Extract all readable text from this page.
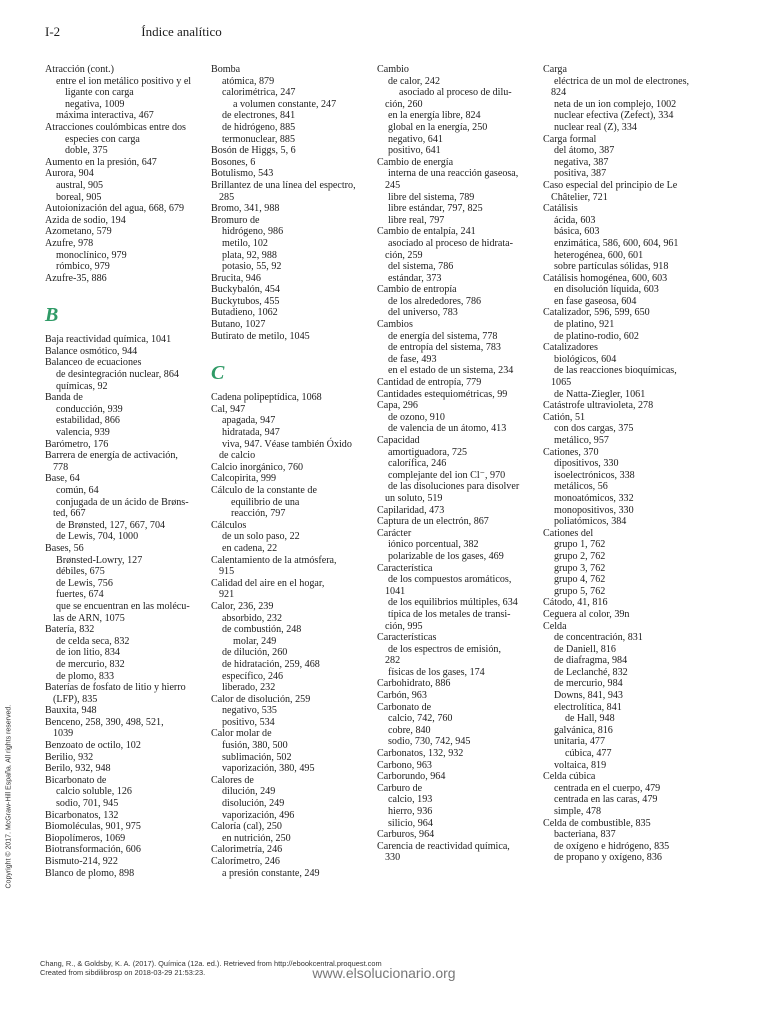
I-2	Índice analítico
Atracción (cont.)
entre el ion metálico positivo y el
ligante con carga
negativa, 1009
máxima interactiva, 467
Atracciones coulómbicas entre dos
especies con carga
doble, 375
Aumento en la presión, 647
Aurora, 904
austral, 905
boreal, 905
Autoionización del agua, 668, 679
Azida de sodio, 194
Azometano, 579
Azufre, 978
monoclínico, 979
rómbico, 979
Azufre-35, 886
B
Baja reactividad química, 1041
Balance osmótico, 944
Balanceo de ecuaciones
de desintegración nuclear, 864
químicas, 92
Banda de
conducción, 939
estabilidad, 866
valencia, 939
Barómetro, 176
Barrera de energía de activación,
778
Base, 64
común, 64
conjugada de un ácido de Brøns-
ted, 667
de Brønsted, 127, 667, 704
de Lewis, 704, 1000
Bases, 56
Brønsted-Lowry, 127
débiles, 675
de Lewis, 756
fuertes, 674
que se encuentran en las molécu-
las de ARN, 1075
Batería, 832
de celda seca, 832
de ion litio, 834
de mercurio, 832
de plomo, 833
Baterías de fosfato de litio y hierro
(LFP), 835
Bauxita, 948
Benceno, 258, 390, 498, 521,
1039
Benzoato de octilo, 102
Berilio, 932
Berilo, 932, 948
Bicarbonato de
calcio soluble, 126
sodio, 701, 945
Bicarbonatos, 132
Biomoléculas, 901, 975
Biopolímeros, 1069
Biotransformación, 606
Bismuto-214, 922
Blanco de plomo, 898
Bomba
atómica, 879
calorimétrica, 247
a volumen constante, 247
de electrones, 841
de hidrógeno, 885
termonuclear, 885
Bosón de Higgs, 5, 6
Bosones, 6
Botulismo, 543
Brillantez de una línea del espectro,
285
Bromo, 341, 988
Bromuro de
hidrógeno, 986
metilo, 102
plata, 92, 988
potasio, 55, 92
Brucita, 946
Buckybalón, 454
Buckytubos, 455
Butadieno, 1062
Butano, 1027
Butirato de metilo, 1045
C
Cadena polipeptídica, 1068
Cal, 947
apagada, 947
hidratada, 947
viva, 947. Véase también Óxido
de calcio
Calcio inorgánico, 760
Calcopirita, 999
Cálculo de la constante de
equilibrio de una
reacción, 797
Cálculos
de un solo paso, 22
en cadena, 22
Calentamiento de la atmósfera,
915
Calidad del aire en el hogar,
921
Calor, 236, 239
absorbido, 232
de combustión, 248
molar, 249
de dilución, 260
de hidratación, 259, 468
específico, 246
liberado, 232
Calor de disolución, 259
negativo, 535
positivo, 534
Calor molar de
fusión, 380, 500
sublimación, 502
vaporización, 380, 495
Calores de
dilución, 249
disolución, 249
vaporización, 496
Caloría (cal), 250
en nutrición, 250
Calorimetría, 246
Calorímetro, 246
a presión constante, 249
Cambio
de calor, 242
asociado al proceso de dilu-
ción, 260
en la energía libre, 824
global en la energía, 250
negativo, 641
positivo, 641
Cambio de energía
interna de una reacción gaseosa,
245
libre del sistema, 789
libre estándar, 797, 825
libre real, 797
Cambio de entalpía, 241
asociado al proceso de hidrata-
ción, 259
del sistema, 786
estándar, 373
Cambio de entropía
de los alrededores, 786
del universo, 783
Cambios
de energía del sistema, 778
de entropía del sistema, 783
de fase, 493
en el estado de un sistema, 234
Cantidad de entropía, 779
Cantidades estequiométricas, 99
Capa, 296
de ozono, 910
de valencia de un átomo, 413
Capacidad
amortiguadora, 725
calorífica, 246
complejante del ion Cl⁻, 970
de las disoluciones para disolver
un soluto, 519
Capilaridad, 473
Captura de un electrón, 867
Carácter
iónico porcentual, 382
polarizable de los gases, 469
Característica
de los compuestos aromáticos,
1041
de los equilibrios múltiples, 634
típica de los metales de transi-
ción, 995
Características
de los espectros de emisión,
282
físicas de los gases, 174
Carbohidrato, 886
Carbón, 963
Carbonato de
calcio, 742, 760
cobre, 840
sodio, 730, 742, 945
Carbonatos, 132, 932
Carbono, 963
Carborundo, 964
Carburo de
calcio, 193
hierro, 936
silicio, 964
Carburos, 964
Carencia de reactividad química,
330
Carga
eléctrica de un mol de electrones,
824
neta de un ion complejo, 1002
nuclear efectiva (Zefect), 334
nuclear real (Z), 334
Carga formal
del átomo, 387
negativa, 387
positiva, 387
Caso especial del principio de Le
Châtelier, 721
Catálisis
ácida, 603
básica, 603
enzimática, 586, 600, 604, 961
heterogénea, 600, 601
sobre partículas sólidas, 918
Catálisis homogénea, 600, 603
en disolución líquida, 603
en fase gaseosa, 604
Catalizador, 596, 599, 650
de platino, 921
de platino-rodio, 602
Catalizadores
biológicos, 604
de las reacciones bioquímicas,
1065
de Natta-Ziegler, 1061
Catástrofe ultravioleta, 278
Catión, 51
con dos cargas, 375
metálico, 957
Cationes, 370
dipositivos, 330
isoelectrónicos, 338
metálicos, 56
monoatómicos, 332
monopositivos, 330
poliatómicos, 384
Cationes del
grupo 1, 762
grupo 2, 762
grupo 3, 762
grupo 4, 762
grupo 5, 762
Cátodo, 41, 816
Ceguera al color, 39n
Celda
de concentración, 831
de Daniell, 816
de diafragma, 984
de Leclanché, 832
de mercurio, 984
Downs, 841, 943
electrolítica, 841
de Hall, 948
galvánica, 816
unitaria, 477
cúbica, 477
voltaica, 819
Celda cúbica
centrada en el cuerpo, 479
centrada en las caras, 479
simple, 478
Celda de combustible, 835
bacteriana, 837
de oxígeno e hidrógeno, 835
de propano y oxígeno, 836
Copyright © 2017. McGraw-Hill España. All rights reserved.
Chang, R., & Goldsby, K. A. (2017). Química (12a. ed.). Retrieved from http://ebookcentral.proquest.com
Created from sibdilibrosp on 2018-03-29 21:53:23.	www.elsolucionario.org
